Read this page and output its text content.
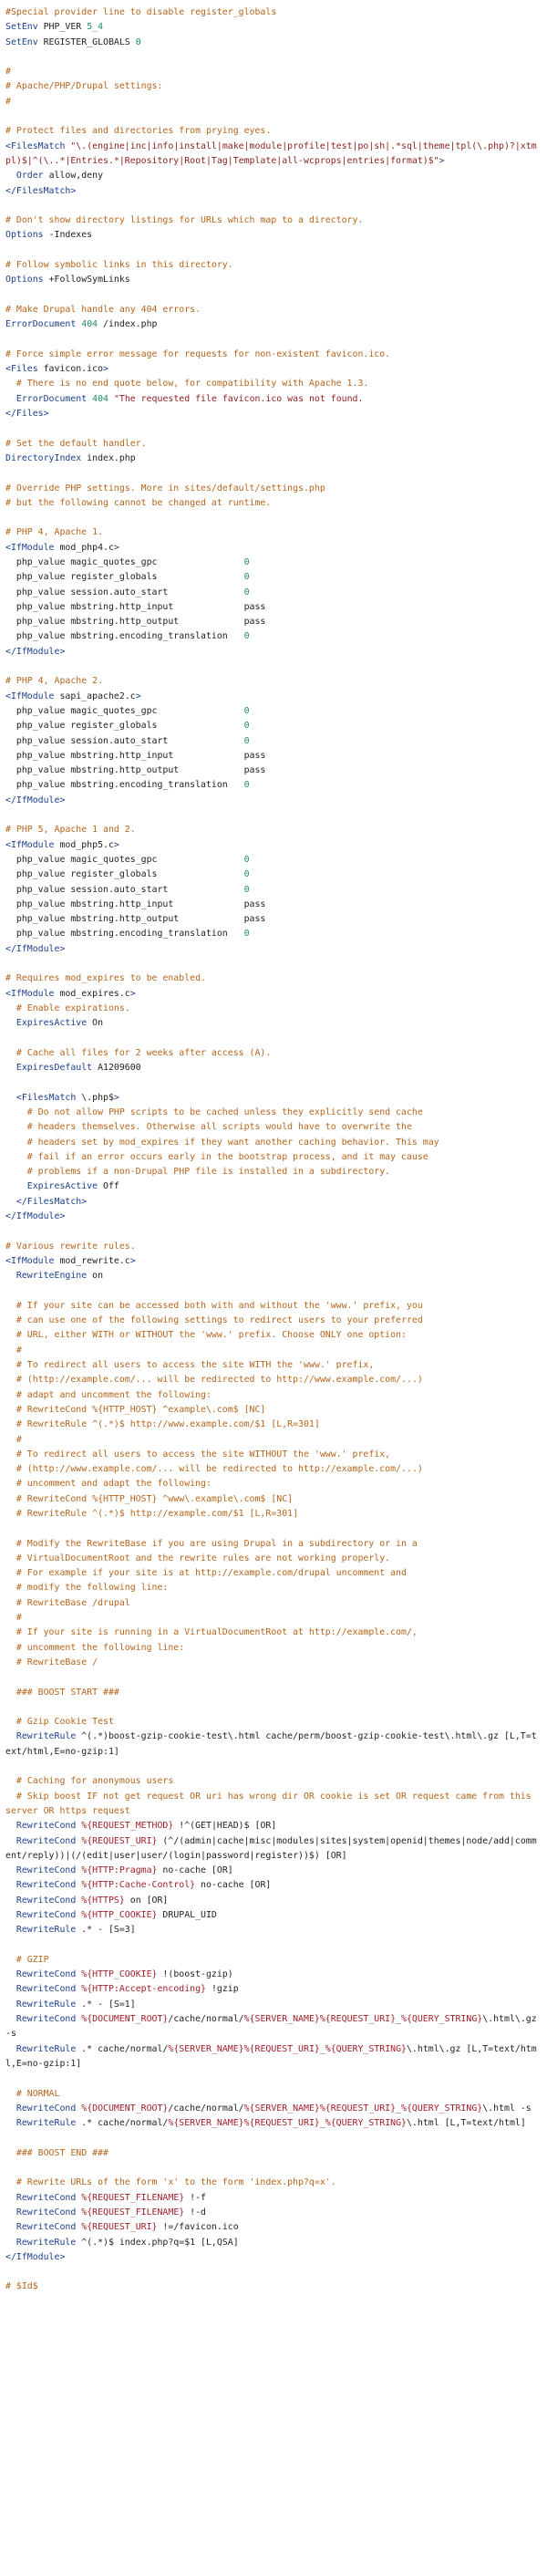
#Special provider line to disable register_globals
SetEnv PHP_VER 5_4
SetEnv REGISTER_GLOBALS 0
#
# Apache/PHP/Drupal settings:
#
# Protect files and directories from prying eyes.
<FilesMatch "\.(engine|inc|info|install|make|module|profile|test|po|sh|.*sql|theme|tpl(\.php)?|xtmpl)$|^(\..*|Entries.*|Repository|Root|Tag|Template|all-wcprops|entries|format)$">
Order allow,deny
</FilesMatch>
# Don't show directory listings for URLs which map to a directory.
Options -Indexes
# Follow symbolic links in this directory.
Options +FollowSymLinks
# Make Drupal handle any 404 errors.
ErrorDocument 404 /index.php
# Force simple error message for requests for non-existent favicon.ico.
<Files favicon.ico>
# There is no end quote below, for compatibility with Apache 1.3.
ErrorDocument 404 "The requested file favicon.ico was not found.
</Files>
# Set the default handler.
DirectoryIndex index.php
# Override PHP settings. More in sites/default/settings.php
# but the following cannot be changed at runtime.
# PHP 4, Apache 1.
<IfModule mod_php4.c>
php_value magic_quotes_gpc                0
php_value register_globals                0
php_value session.auto_start              0
php_value mbstring.http_input             pass
php_value mbstring.http_output            pass
php_value mbstring.encoding_translation   0
</IfModule>
# PHP 4, Apache 2.
<IfModule sapi_apache2.c>
php_value magic_quotes_gpc                0
php_value register_globals                0
php_value session.auto_start              0
php_value mbstring.http_input             pass
php_value mbstring.http_output            pass
php_value mbstring.encoding_translation   0
</IfModule>
# PHP 5, Apache 1 and 2.
<IfModule mod_php5.c>
php_value magic_quotes_gpc                0
php_value register_globals                0
php_value session.auto_start              0
php_value mbstring.http_input             pass
php_value mbstring.http_output            pass
php_value mbstring.encoding_translation   0
</IfModule>
# Requires mod_expires to be enabled.
<IfModule mod_expires.c>
# Enable expirations.
ExpiresActive On
# Cache all files for 2 weeks after access (A).
ExpiresDefault A1209600
<FilesMatch \.php$>
# Do not allow PHP scripts to be cached unless they explicitly send cache
# headers themselves. Otherwise all scripts would have to overwrite the
# headers set by mod_expires if they want another caching behavior. This may
# fail if an error occurs early in the bootstrap process, and it may cause
# problems if a non-Drupal PHP file is installed in a subdirectory.
ExpiresActive Off
</FilesMatch>
</IfModule>
# Various rewrite rules.
<IfModule mod_rewrite.c>
RewriteEngine on
# If your site can be accessed both with and without the 'www.' prefix, you
# can use one of the following settings to redirect users to your preferred
# URL, either WITH or WITHOUT the 'www.' prefix. Choose ONLY one option:
#
# To redirect all users to access the site WITH the 'www.' prefix,
# (http://example.com/... will be redirected to http://www.example.com/...)
# adapt and uncomment the following:
# RewriteCond %{HTTP_HOST} ^example\.com$ [NC]
# RewriteRule ^(.*)$ http://www.example.com/$1 [L,R=301]
#
# To redirect all users to access the site WITHOUT the 'www.' prefix,
# (http://www.example.com/... will be redirected to http://example.com/...)
# uncomment and adapt the following:
# RewriteCond %{HTTP_HOST} ^www\.example\.com$ [NC]
# RewriteRule ^(.*)$ http://example.com/$1 [L,R=301]
# Modify the RewriteBase if you are using Drupal in a subdirectory or in a
# VirtualDocumentRoot and the rewrite rules are not working properly.
# For example if your site is at http://example.com/drupal uncomment and
# modify the following line:
# RewriteBase /drupal
#
# If your site is running in a VirtualDocumentRoot at http://example.com/,
# uncomment the following line:
# RewriteBase /
### BOOST START ###
# Gzip Cookie Test
RewriteRule ^(.*)boost-gzip-cookie-test\.html cache/perm/boost-gzip-cookie-test\.html\.gz [L,T=text/html,E=no-gzip:1]
# Caching for anonymous users
# Skip boost IF not get request OR uri has wrong dir OR cookie is set OR request came from this server OR https request
RewriteCond %{REQUEST_METHOD} !^(GET|HEAD)$ [OR]
RewriteCond %{REQUEST_URI} (^/(admin|cache|misc|modules|sites|system|openid|themes|node/add|comment/reply))|(/(edit|user|user/(login|password|register))$) [OR]
RewriteCond %{HTTP:Pragma} no-cache [OR]
RewriteCond %{HTTP:Cache-Control} no-cache [OR]
RewriteCond %{HTTPS} on [OR]
RewriteCond %{HTTP_COOKIE} DRUPAL_UID
RewriteRule .* - [S=3]
# GZIP
RewriteCond %{HTTP_COOKIE} !(boost-gzip)
RewriteCond %{HTTP:Accept-encoding} !gzip
RewriteRule .* - [S=1]
RewriteCond %{DOCUMENT_ROOT}/cache/normal/%{SERVER_NAME}%{REQUEST_URI}_%{QUERY_STRING}\.html\.gz -s
RewriteRule .* cache/normal/%{SERVER_NAME}%{REQUEST_URI}_%{QUERY_STRING}\.html\.gz [L,T=text/html,E=no-gzip:1]
# NORMAL
RewriteCond %{DOCUMENT_ROOT}/cache/normal/%{SERVER_NAME}%{REQUEST_URI}_%{QUERY_STRING}\.html -s
RewriteRule .* cache/normal/%{SERVER_NAME}%{REQUEST_URI}_%{QUERY_STRING}\.html [L,T=text/html]
### BOOST END ###
# Rewrite URLs of the form 'x' to the form 'index.php?q=x'.
RewriteCond %{REQUEST_FILENAME} !-f
RewriteCond %{REQUEST_FILENAME} !-d
RewriteCond %{REQUEST_URI} !=/favicon.ico
RewriteRule ^(.*)$ index.php?q=$1 [L,QSA]
</IfModule>
# $Id$
